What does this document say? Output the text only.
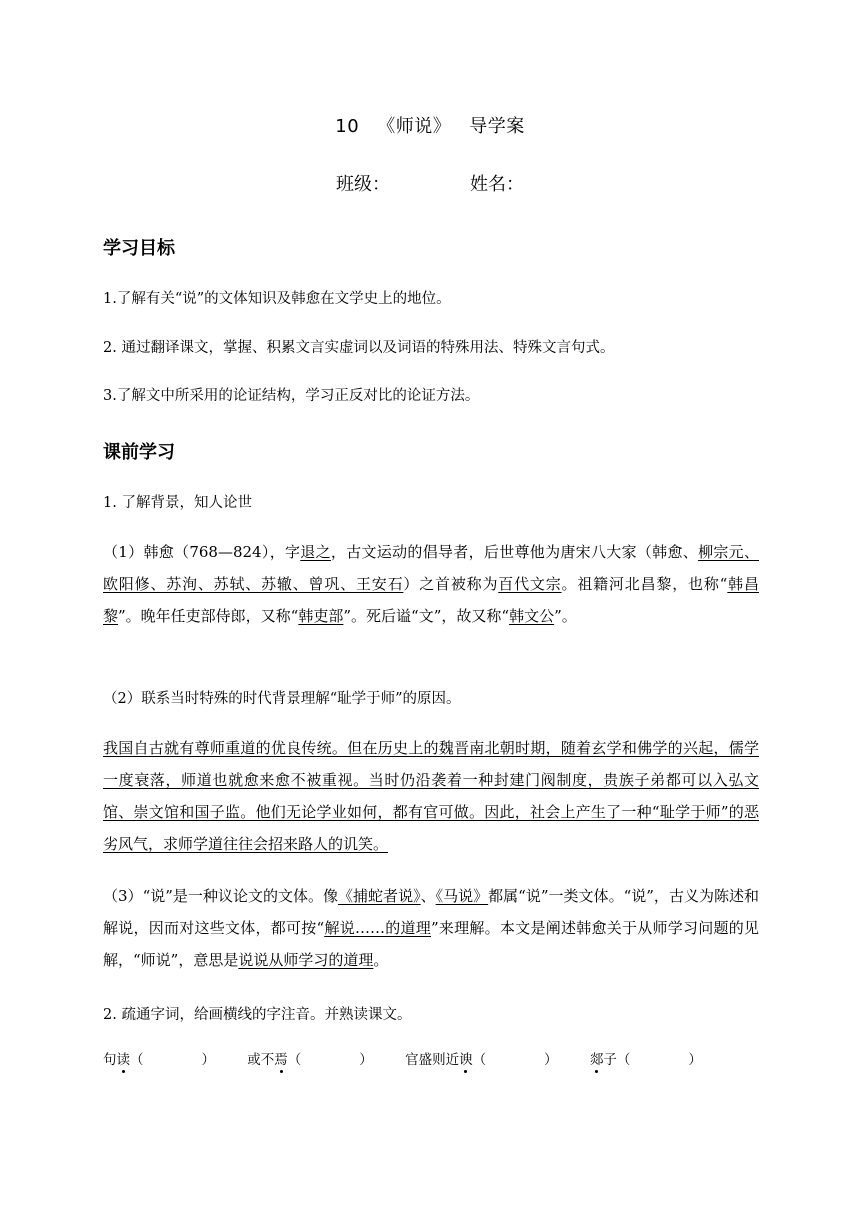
10 《师说》 导学案
班级：	姓名：
学习目标
1.了解有关“说”的文体知识及韩愈在文学史上的地位。
2. 通过翻译课文，掌握、积累文言实虚词以及词语的特殊用法、特殊文言句式。
3.了解文中所采用的论证结构，学习正反对比的论证方法。
课前学习
1. 了解背景，知人论世
（1）韩愈（768—824），字退之，古文运动的倡导者，后世尊他为唐宋八大家（韩愈、柳宗元、欧阳修、苏洵、苏轼、苏辙、曾巩、王安石）之首被称为百代文宗。祖籍河北昌黎，也称“韩昌黎”。晚年任吏部侍郎，又称“韩吏部”。死后谥“文”，故又称“韩文公”。
（2）联系当时特殊的时代背景理解“耻学于师”的原因。
我国自古就有尊师重道的优良传统。但在历史上的魏晋南北朝时期，随着玄学和佛学的兴起，儒学一度衰落，师道也就愈来愈不被重视。当时仍沿袭着一种封建门阀制度，贵族子弟都可以入弘文馆、崇文馆和国子监。他们无论学业如何，都有官可做。因此，社会上产生了一种“耻学于师”的恶劣风气，求师学道往往会招来路人的讥笑。
（3）“说”是一种议论文的文体。像《捕蛇者说》、《马说》都属“说”一类文体。“说”，古义为陈述和解说，因而对这些文体，都可按“解说……的道理”来理解。本文是阐述韩愈关于从师学习问题的见解，“师说”，意思是说说从师学习的道理。
2. 疏通字词，给画横线的字注音。并熟读课文。
句读（	） 或不焉（	） 官盛则近谀（	） 郯子（	）
